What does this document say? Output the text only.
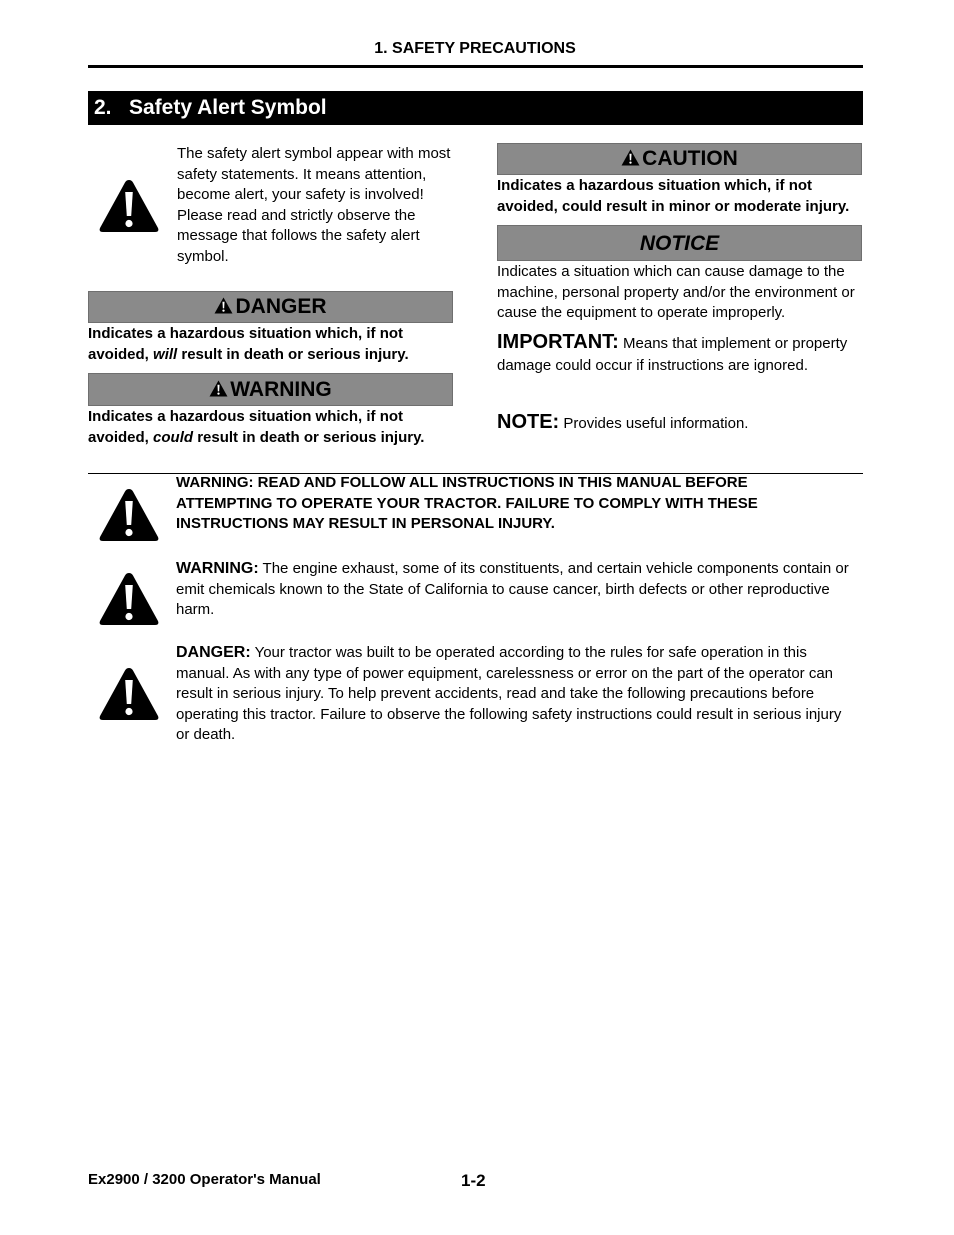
1. SAFETY PRECAUTIONS
2. Safety Alert Symbol
The safety alert symbol appear with most safety statements. It means attention, become alert, your safety is involved! Please read and strictly observe the message that follows the safety alert symbol.
DANGER
Indicates a hazardous situation which, if not avoided, will result in death or serious injury.
WARNING
Indicates a hazardous situation which, if not avoided, could result in death or serious injury.
CAUTION
Indicates a hazardous situation which, if not avoided, could result in minor or moderate injury.
NOTICE
Indicates a situation which can cause damage to the machine, personal property and/or the environment or cause the equipment to operate improperly.
IMPORTANT: Means that implement or property damage could occur if instructions are ignored.
NOTE: Provides useful information.
WARNING: READ AND FOLLOW ALL INSTRUCTIONS IN THIS MANUAL BEFORE ATTEMPTING TO OPERATE YOUR TRACTOR. FAILURE TO COMPLY WITH THESE INSTRUCTIONS MAY RESULT IN PERSONAL INJURY.
WARNING: The engine exhaust, some of its constituents, and certain vehicle components contain or emit chemicals known to the State of California to cause cancer, birth defects or other reproductive harm.
DANGER: Your tractor was built to be operated according to the rules for safe operation in this manual. As with any type of power equipment, carelessness or error on the part of the operator can result in serious injury. To help prevent accidents, read and take the following precautions before operating this tractor. Failure to observe the following safety instructions could result in serious injury or death.
Ex2900 / 3200 Operator's Manual	1-2
